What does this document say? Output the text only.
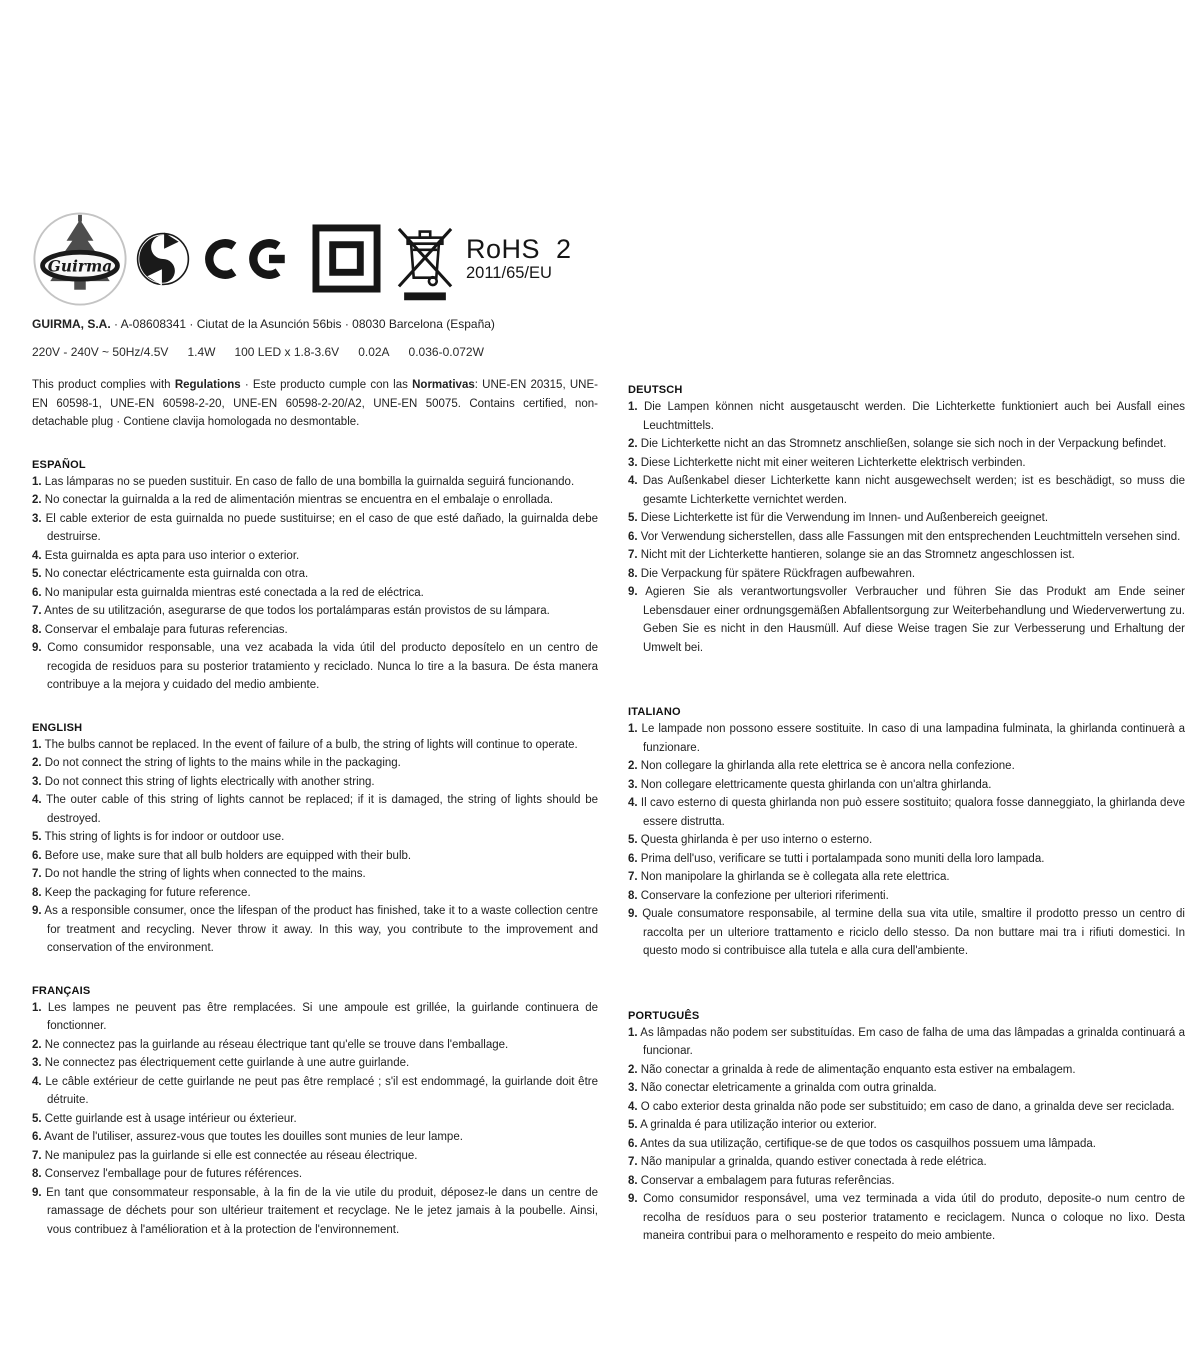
Guirma
RoHS 2
2011/65/EU

GUIRMA, S.A. · A-08608341 · Ciutat de la Asunción 56bis · 08030 Barcelona (España)

220V - 240V ~ 50Hz/4.5V 1.4W 100 LED x 1.8-3.6V 0.02A 0.036-0.072W

This product complies with Regulations · Este producto cumple con las Normativas: UNE-EN 20315, UNE-EN 60598-1, UNE-EN 60598-2-20, UNE-EN 60598-2-20/A2, UNE-EN 50075. Contains certified, non-detachable plug · Contiene clavija homologada no desmontable.

ESPAÑOL
1. Las lámparas no se pueden sustituir. En caso de fallo de una bombilla la guirnalda seguirá funcionando.
2. No conectar la guirnalda a la red de alimentación mientras se encuentra en el embalaje o enrollada.
3. El cable exterior de esta guirnalda no puede sustituirse; en el caso de que esté dañado, la guirnalda debe destruirse.
4. Esta guirnalda es apta para uso interior o exterior.
5. No conectar eléctricamente esta guirnalda con otra.
6. No manipular esta guirnalda mientras esté conectada a la red de eléctrica.
7. Antes de su utilitzación, asegurarse de que todos los portalámparas están provistos de su lámpara.
8. Conservar el embalaje para futuras referencias.
9. Como consumidor responsable, una vez acabada la vida útil del producto deposítelo en un centro de recogida de residuos para su posterior tratamiento y reciclado. Nunca lo tire a la basura. De ésta manera contribuye a la mejora y cuidado del medio ambiente.
ENGLISH
1. The bulbs cannot be replaced. In the event of failure of a bulb, the string of lights will continue to operate.
2. Do not connect the string of lights to the mains while in the packaging.
3. Do not connect this string of lights electrically with another string.
4. The outer cable of this string of lights cannot be replaced; if it is damaged, the string of lights should be destroyed.
5. This string of lights is for indoor or outdoor use.
6. Before use, make sure that all bulb holders are equipped with their bulb.
7. Do not handle the string of lights when connected to the mains.
8. Keep the packaging for future reference.
9. As a responsible consumer, once the lifespan of the product has finished, take it to a waste collection centre for treatment and recycling. Never throw it away. In this way, you contribute to the improvement and conservation of the environment.
FRANÇAIS
1. Les lampes ne peuvent pas être remplacées. Si une ampoule est grillée, la guirlande continuera de fonctionner.
2. Ne connectez pas la guirlande au réseau électrique tant qu'elle se trouve dans l'emballage.
3. Ne connectez pas électriquement cette guirlande à une autre guirlande.
4. Le câble extérieur de cette guirlande ne peut pas être remplacé ; s'il est endommagé, la guirlande doit être détruite.
5. Cette guirlande est à usage intérieur ou éxterieur.
6. Avant de l'utiliser, assurez-vous que toutes les douilles sont munies de leur lampe.
7. Ne manipulez pas la guirlande si elle est connectée au réseau électrique.
8. Conservez l'emballage pour de futures références.
9. En tant que consommateur responsable, à la fin de la vie utile du produit, déposez-le dans un centre de ramassage de déchets pour son ultérieur traitement et recyclage. Ne le jetez jamais à la poubelle. Ainsi, vous contribuez à l'amélioration et à la protection de l'environnement.
DEUTSCH
1. Die Lampen können nicht ausgetauscht werden. Die Lichterkette funktioniert auch bei Ausfall eines Leuchtmittels.
2. Die Lichterkette nicht an das Stromnetz anschließen, solange sie sich noch in der Verpackung befindet.
3. Diese Lichterkette nicht mit einer weiteren Lichterkette elektrisch verbinden.
4. Das Außenkabel dieser Lichterkette kann nicht ausgewechselt werden; ist es beschädigt, so muss die gesamte Lichterkette vernichtet werden.
5. Diese Lichterkette ist für die Verwendung im Innen- und Außenbereich geeignet.
6. Vor Verwendung sicherstellen, dass alle Fassungen mit den entsprechenden Leuchtmitteln versehen sind.
7. Nicht mit der Lichterkette hantieren, solange sie an das Stromnetz angeschlossen ist.
8. Die Verpackung für spätere Rückfragen aufbewahren.
9. Agieren Sie als verantwortungsvoller Verbraucher und führen Sie das Produkt am Ende seiner Lebensdauer einer ordnungsgemäßen Abfallentsorgung zur Weiterbehandlung und Wiederverwertung zu. Geben Sie es nicht in den Hausmüll. Auf diese Weise tragen Sie zur Verbesserung und Erhaltung der Umwelt bei.
ITALIANO
1. Le lampade non possono essere sostituite. In caso di una lampadina fulminata, la ghirlanda continuerà a funzionare.
2. Non collegare la ghirlanda alla rete elettrica se è ancora nella confezione.
3. Non collegare elettricamente questa ghirlanda con un'altra ghirlanda.
4. Il cavo esterno di questa ghirlanda non può essere sostituito; qualora fosse danneggiato, la ghirlanda deve essere distrutta.
5. Questa ghirlanda è per uso interno o esterno.
6. Prima dell'uso, verificare se tutti i portalampada sono muniti della loro lampada.
7. Non manipolare la ghirlanda se è collegata alla rete elettrica.
8. Conservare la confezione per ulteriori riferimenti.
9. Quale consumatore responsabile, al termine della sua vita utile, smaltire il prodotto presso un centro di raccolta per un ulteriore trattamento e riciclo dello stesso. Da non buttare mai tra i rifiuti domestici. In questo modo si contribuisce alla tutela e alla cura dell'ambiente.
PORTUGUÊS
1. As lâmpadas não podem ser substituídas. Em caso de falha de uma das lâmpadas a grinalda continuará a funcionar.
2. Não conectar a grinalda à rede de alimentação enquanto esta estiver na embalagem.
3. Não conectar eletricamente a grinalda com outra grinalda.
4. O cabo exterior desta grinalda não pode ser substituido; em caso de dano, a grinalda deve ser reciclada.
5. A grinalda é para utilização interior ou exterior.
6. Antes da sua utilização, certifique-se de que todos os casquilhos possuem uma lâmpada.
7. Não manipular a grinalda, quando estiver conectada à rede elétrica.
8. Conservar a embalagem para futuras referências.
9. Como consumidor responsável, uma vez terminada a vida útil do produto, deposite-o num centro de recolha de resíduos para o seu posterior tratamento e reciclagem. Nunca o coloque no lixo. Desta maneira contribui para o melhoramento e respeito do meio ambiente.
